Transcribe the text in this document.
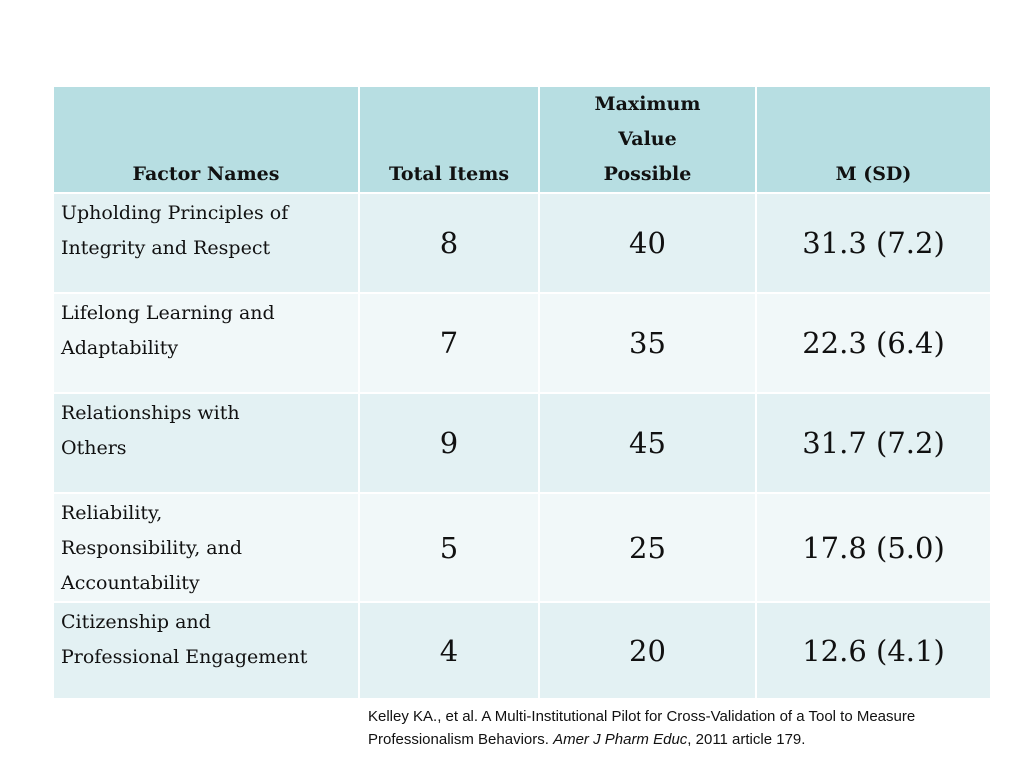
Factor Names	Total Items	Maximum
Value
Possible	M (SD)

Upholding Principles of
Integrity and Respect	8	40	31.3 (7.2)

Lifelong Learning and
Adaptability	7	35	22.3 (6.4)

Relationships with
Others	9	45	31.7 (7.2)

Reliability,
Responsibility, and
Accountability	5	25	17.8 (5.0)

Citizenship and
Professional Engagement	4	20	12.6 (4.1)
Kelley KA., et al. A Multi-Institutional Pilot for Cross-Validation of a Tool to Measure Professionalism Behaviors. Amer J Pharm Educ, 2011 article 179.
